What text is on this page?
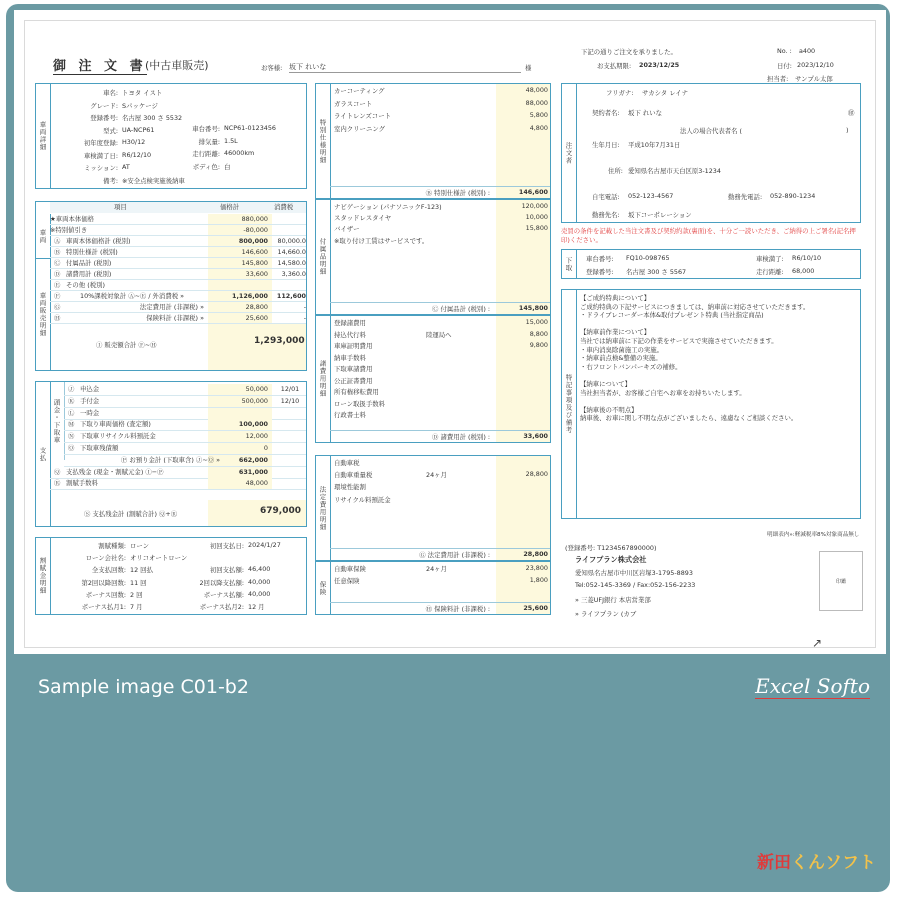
御 注 文 書
(中古車販売)	お客様: 坂下 れいな	様
下記の通りご注文を承りました。
お支払期限: 2023/12/25
No. : a400
日付: 2023/12/10
担当者: サンプル太郎
車両詳細
車名: トヨタ イスト
グレード: Sパッケージ
登録番号: 名古屋 300 さ 5532
型式: UA-NCP61
初年度登録: H30/12
車検満了日: R6/12/10
ミッション: AT
備考: ※安全点検実施後納車
車台番号: NCP61-0123456
排気量: 1.5L
走行距離: 46000km
ボディ色: 白
車両
車両販売明細
項目	価格計	消費税
★車両本体価格	880,000
※特別値引き	-80,000
Ⓐ 車両本体価格計 (税別)	800,000	80,000.0
Ⓑ 特別仕様計 (税別)	146,600	14,660.0
Ⓒ 付属品計 (税別)	145,800	14,580.0
Ⓓ 諸費用計 (税別)	33,600	3,360.0
Ⓔ その他 (税別)
Ⓕ	10%課税対象計 Ⓐ~Ⓔ / 外消費税 »	1,126,000	112,600
Ⓖ	法定費用計 (非課税) »	28,800	-
Ⓗ	保険料計 (非課税) »	25,600	-
Ⓘ 販売額合計 Ⓕ~Ⓗ	1,293,000
支払
頭金・下取車
Ⓙ 申込金	50,000	12/01
Ⓚ 手付金	500,000	12/10
Ⓛ 一時金
Ⓜ 下取り車両価格 (査定額)	100,000
Ⓝ 下取車リサイクル料預託金	12,000
Ⓞ 下取車残債額	0
Ⓟ お預り金計 (下取車含) Ⓙ~Ⓞ »	662,000
Ⓠ 支払残金 (現金・割賦元金) Ⓘ−Ⓟ	631,000
Ⓡ 割賦手数料	48,000
Ⓢ 支払残金計 (割賦合計) Ⓠ+Ⓡ	679,000
割賦金明細
割賦種類: ローン
ローン会社名: オリコオートローン
全支払回数: 12 回払
第2回以降回数: 11 回
ボーナス回数: 2 回
ボーナス払月1: 7 月
初回支払日: 2024/1/27
初回支払額: 46,400
2回以降支払額: 40,000
ボーナス払額: 40,000
ボーナス払月2: 12 月
特別仕様明細
カーコーティング	48,000
ガラスコート	88,000
ライトレンズコート	5,800
室内クリーニング	4,800
Ⓑ 特別仕様計 (税別) :	146,600
付属品明細
ナビゲーション (パナソニックF-123)	120,000
スタッドレスタイヤ	10,000
バイザー	15,800
※取り付け工賃はサービスです。
Ⓒ 付属品計 (税別) :	145,800
諸費用明細
登録諸費用	15,000
持込代行料	陸運局へ	8,800
車庫証明費用	9,800
納車手数料
下取車諸費用
公正証書費用
所有権移転費用
ローン取扱手数料
行政書士料
Ⓓ 諸費用計 (税別) :	33,600
法定費用明細
自動車税
自動車重量税	24ヶ月	28,800
環境性能割
リサイクル料預託金
Ⓖ 法定費用計 (非課税) :	28,800
保険
自動車保険	24ヶ月	23,800
任意保険	1,800
Ⓗ 保険料計 (非課税) :	25,600
注文者
フリガナ: サカシタ レイナ
契約者名: 坂下 れいな	㊞
法人の場合代表者名 (	)
生年月日: 平成10年7月31日
住所: 愛知県名古屋市天白区原3-1234
自宅電話: 052-123-4567	勤務先電話: 052-890-1234
勤務先名: 坂下コーポレーション
売買の条件を記載した当注文書及び契約約款(裏面)を、十分ご一読いただき、ご納得の上ご署名(記名押印)ください。
下取	車台番号: FQ10-098765	車検満了: R6/10/10
登録番号: 名古屋 300 さ 5567	走行距離: 68,000
特記事項及び備考
【ご成約特典について】
ご成約特典の下記サービスにつきましては、納車前に対応させていただきます。
・ドライブレコーダー本体&取付プレゼント特典 (当社指定商品)
【納車前作業について】
当社では納車前に下記の作業をサービスで実施させていただきます。
・車内消臭除菌施工の実施。
・納車前点検&整備の実施。
・右フロントバンパーキズの補修。
【納車について】
当社担当者が、お客様ご自宅へお車をお持ちいたします。
【納車後の不明点】
納車後、お車に関し不明な点がございましたら、遠慮なくご相談ください。
明細表内»:軽減税率8%対象商品無し
(登録番号: T1234567890000)
ライフプラン株式会社
愛知県名古屋市中川区岩塚3-1795-8893
Tel:052-145-3369 / Fax:052-156-2233
» 三菱UFJ銀行 本店営業部
» ライフプラン (カブ
印鑑
↗
Sample image C01-b2	Excel Softo
新田くんソフト
